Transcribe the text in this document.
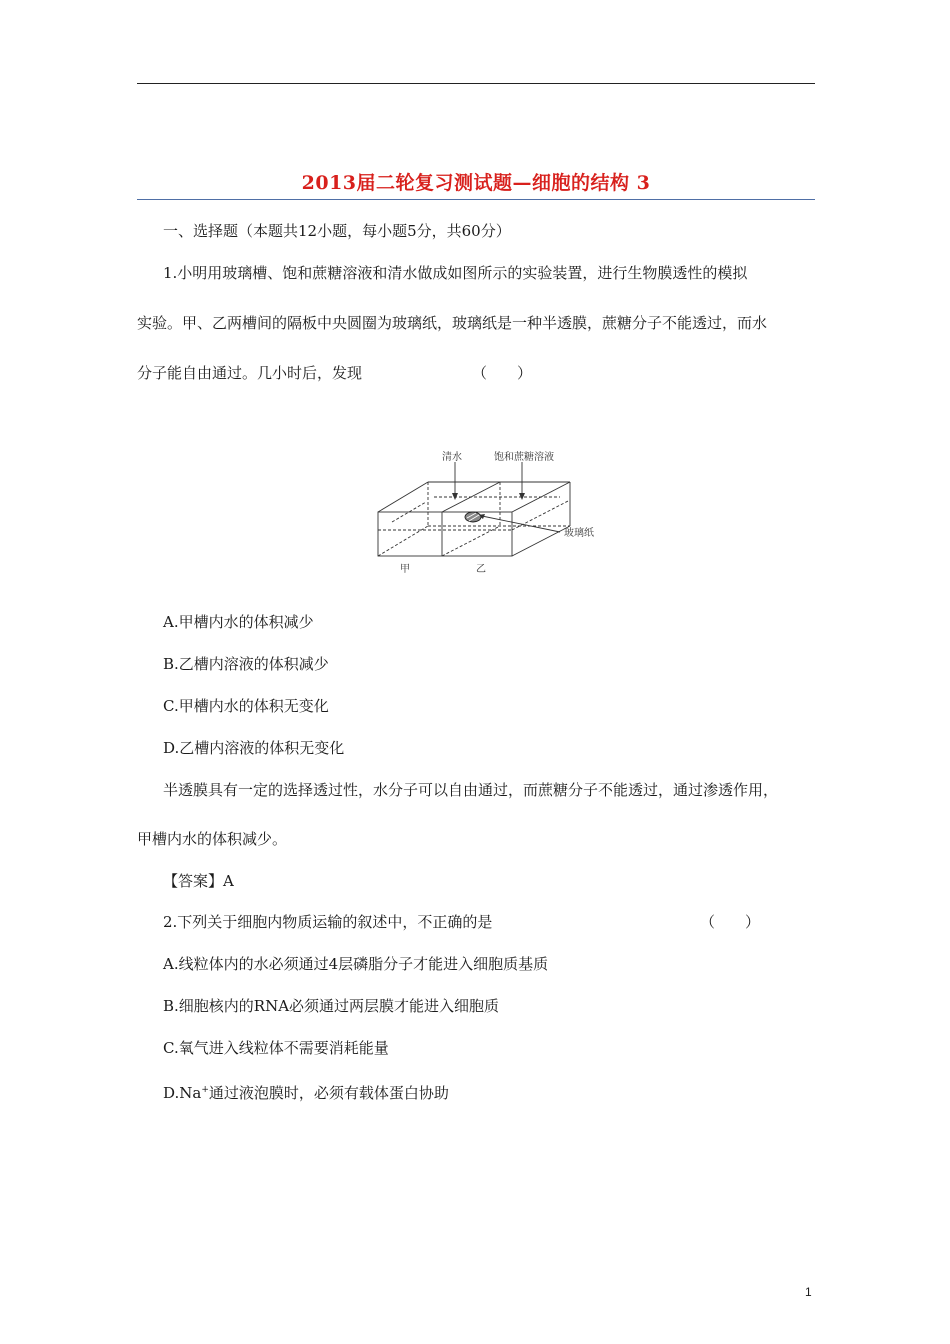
2013届二轮复习测试题—细胞的结构 3
一、选择题（本题共12小题，每小题5分，共60分）
1.小明用玻璃槽、饱和蔗糖溶液和清水做成如图所示的实验装置，进行生物膜透性的模拟
实验。甲、乙两槽间的隔板中央圆圈为玻璃纸，玻璃纸是一种半透膜，蔗糖分子不能透过，而水
分子能自由通过。几小时后，发现	（　　）
清水	饱和蔗糖溶液
玻璃纸
甲	乙
A.甲槽内水的体积减少
B.乙槽内溶液的体积减少
C.甲槽内水的体积无变化
D.乙槽内溶液的体积无变化
半透膜具有一定的选择透过性，水分子可以自由通过，而蔗糖分子不能透过，通过渗透作用，
甲槽内水的体积减少。
【答案】A
2.下列关于细胞内物质运输的叙述中，不正确的是	（　　）
A.线粒体内的水必须通过4层磷脂分子才能进入细胞质基质
B.细胞核内的RNA必须通过两层膜才能进入细胞质
C.氧气进入线粒体不需要消耗能量
D.Na+通过液泡膜时，必须有载体蛋白协助
1
